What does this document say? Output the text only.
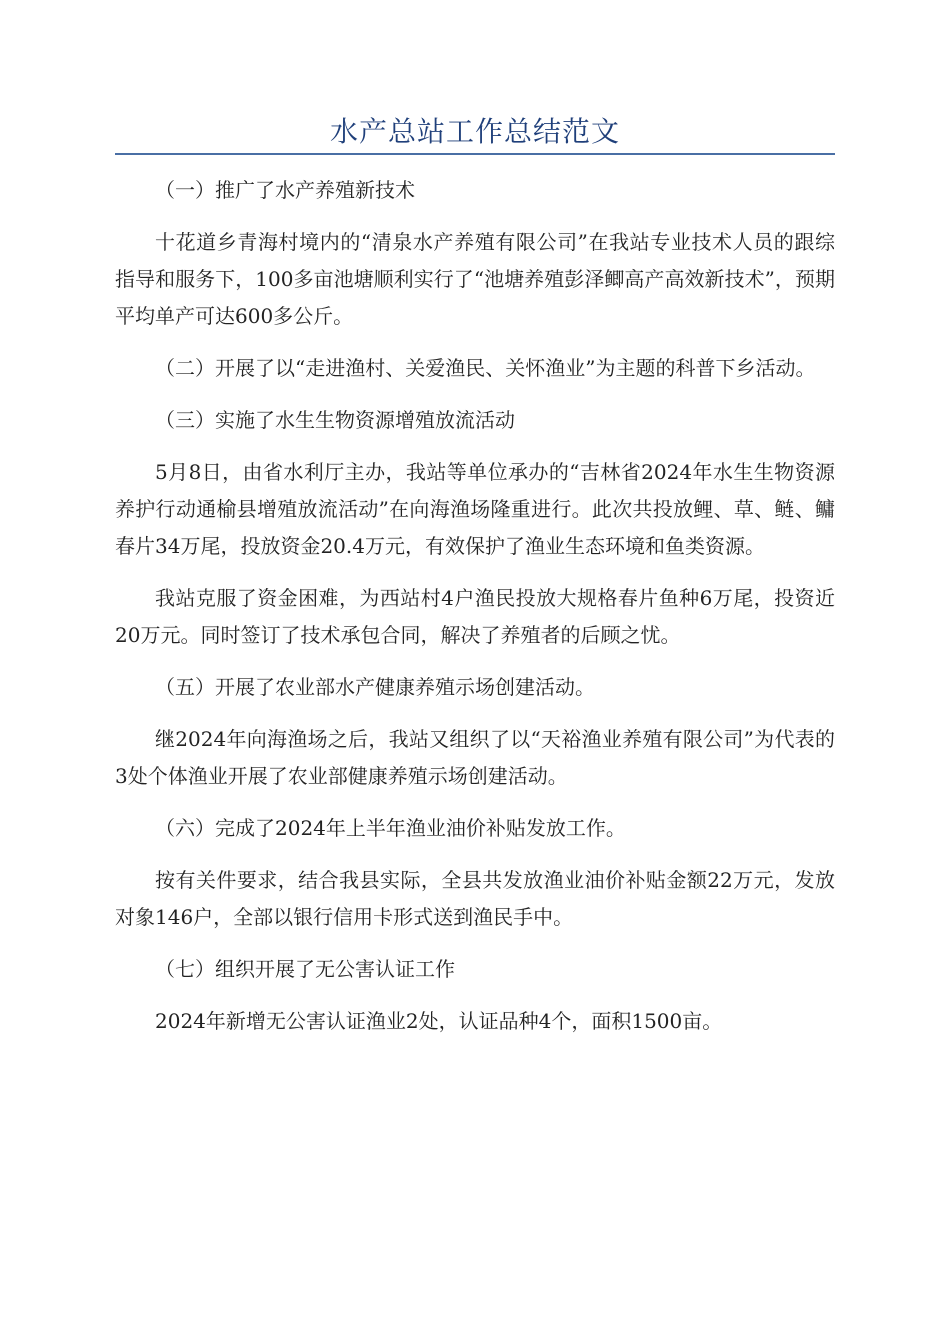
水产总站工作总结范文

（一）推广了水产养殖新技术

十花道乡青海村境内的“清泉水产养殖有限公司”在我站专业技术人员的跟综指导和服务下，100多亩池塘顺利实行了“池塘养殖彭泽鲫高产高效新技术”，预期平均单产可达600多公斤。

（二）开展了以“走进渔村、关爱渔民、关怀渔业”为主题的科普下乡活动。

（三）实施了水生生物资源增殖放流活动

5月8日，由省水利厅主办，我站等单位承办的“吉林省2024年水生生物资源养护行动通榆县增殖放流活动”在向海渔场隆重进行。此次共投放鲤、草、鲢、鳙春片34万尾，投放资金20.4万元，有效保护了渔业生态环境和鱼类资源。

我站克服了资金困难，为西站村4户渔民投放大规格春片鱼种6万尾，投资近20万元。同时签订了技术承包合同，解决了养殖者的后顾之忧。

（五）开展了农业部水产健康养殖示场创建活动。

继2024年向海渔场之后，我站又组织了以“天裕渔业养殖有限公司”为代表的3处个体渔业开展了农业部健康养殖示场创建活动。

（六）完成了2024年上半年渔业油价补贴发放工作。

按有关件要求，结合我县实际，全县共发放渔业油价补贴金额22万元，发放对象146户，全部以银行信用卡形式送到渔民手中。

（七）组织开展了无公害认证工作

2024年新增无公害认证渔业2处，认证品种4个，面积1500亩。
